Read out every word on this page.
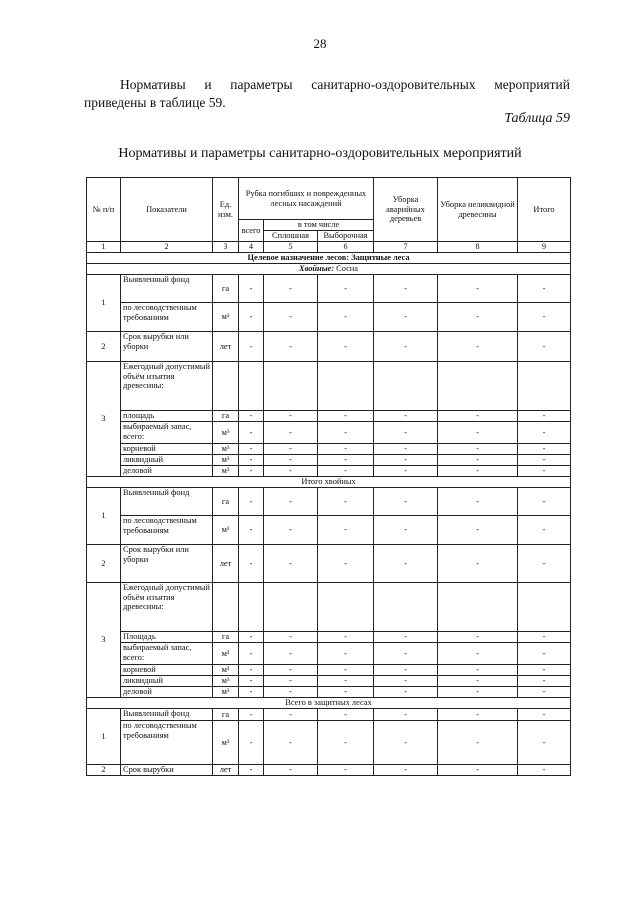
28
Нормативы и параметры санитарно-оздоровительных мероприятий приведены в таблице 59.
Таблица 59
Нормативы и параметры санитарно-оздоровительных мероприятий
№ п/п	Показатели	Ед. изм.	Рубка погибших и поврежденных лесных насаждений			Уборка аварийных деревьев	Уборка неликвидной древесины	Итого
			всего	в том числе				
				Сплошная	Выборочная			
1	2	3	4	5	6	7	8	9
Целевое назначение лесов: Защитные леса								
Хвойные: Сосна								
1	Выявленный фонд	га	-	-	-	-	-	-
	по лесоводственным требованиям	м³	-	-	-	-	-	-
2	Срок вырубки или уборки	лет	-	-	-	-	-	-
3	Ежегодный допустимый объём изъятия древесины:							
	площадь	га	-	-	-	-	-	-
	выбираемый запас, всего:	м³	-	-	-	-	-	-
	корневой	м³	-	-	-	-	-	-
	ликвидный	м³	-	-	-	-	-	-
	деловой	м³	-	-	-	-	-	-
Итого хвойных								
1	Выявленный фонд	га	-	-	-	-	-	-
	по лесоводственным требованиям	м³	-	-	-	-	-	-
2	Срок вырубки или уборки	лет	-	-	-	-	-	-
3	Ежегодный допустимый объём изъятия древесины:							
	Площадь	га	-	-	-	-	-	-
	выбираемый запас, всего:	м³	-	-	-	-	-	-
	корневой	м³	-	-	-	-	-	-
	ликвидный	м³	-	-	-	-	-	-
	деловой	м³	-	-	-	-	-	-
Всего в защитных лесах								
1	Выявленный фонд	га	-	-	-	-	-	-
	по лесоводственным требованиям	м³	-	-	-	-	-	-
2	Срок вырубки	лет	-	-	-	-	-	-
